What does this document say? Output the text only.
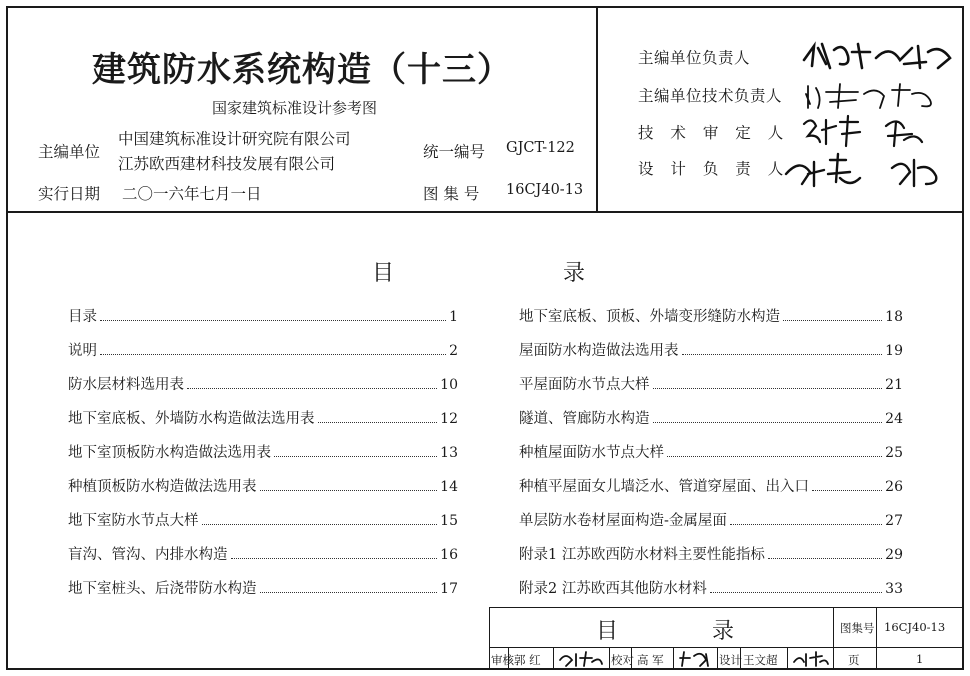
建筑防水系统构造（十三）
国家建筑标准设计参考图
主编单位
中国建筑标准设计研究院有限公司
江苏欧西建材科技发展有限公司
实行日期 二〇一六年七月一日
统一编号 GJCT-122
图 集 号 16CJ40-13
主编单位负责人
主编单位技术负责人
技 术 审 定 人
设 计 负 责 人
目	录
目录	1
说明	2
防水层材料选用表	10
地下室底板、外墙防水构造做法选用表	12
地下室顶板防水构造做法选用表	13
种植顶板防水构造做法选用表	14
地下室防水节点大样	15
盲沟、管沟、内排水构造	16
地下室桩头、后浇带防水构造	17
地下室底板、顶板、外墙变形缝防水构造	18
屋面防水构造做法选用表	19
平屋面防水节点大样	21
隧道、管廊防水构造	24
种植屋面防水节点大样	25
种植平屋面女儿墙泛水、管道穿屋面、出入口	26
单层防水卷材屋面构造-金属屋面	27
附录1 江苏欧西防水材料主要性能指标	29
附录2 江苏欧西其他防水材料	33
目	录	图集号 16CJ40-13
审核 郭 红	校对 高 军	设计 王文超	页	1
